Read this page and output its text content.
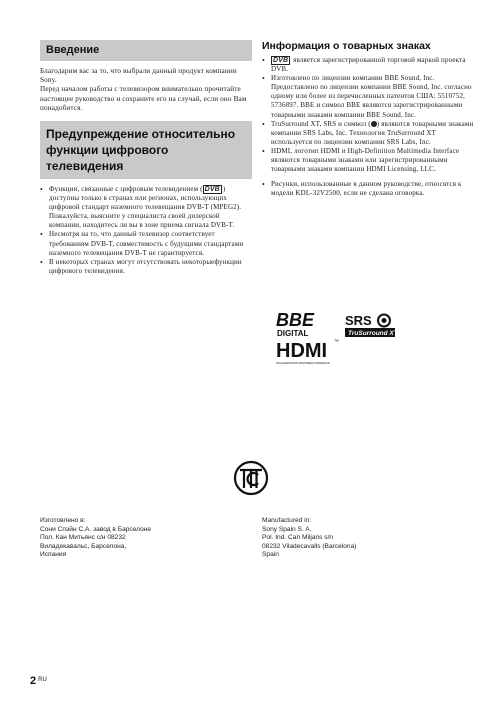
Введение

Благодарим вас за то, что выбрали данный продукт компании Sony.

Перед началом работы с телевизором внимательно прочитайте настоящее руководство и сохраните его на случай, если оно Вам понадобится.

Предупреждение относительно функции цифрового телевидения
• Функции, связанные с цифровым телевидением ( DVB ) доступны только в странах или регионах, использующих цифровой стандарт наземного телевещания DVB-T (MPEG2). Пожалуйста, выясните у специалиста своей дилерской компании, находитесь ли вы в зоне приема сигнала DVB-T.
• Несмотря на то, что данный телевизор соответствует требованиям DVB-T, совместимость с будущими стандартами наземного телевещания DVB-T не гарантируется.
• В некоторых странах могут отсутствовать некоторыефункции цифрового телевидения.
Информация о товарных знаках
• DVB является зарегистрированной торговой маркой проекта DVB.
• Изготовлено по лицензии компании BBE Sound, Inc. Предоставлено по лицензии компании BBE Sound, Inc. согласно одному или более из перечисленных патентов США: 5510752, 5736897. BBE и символ BBE являются зарегистрированными товарными знаками компании BBE Sound, Inc.
• TruSurround XT, SRS и символ ( ) являются товарными знаками компании SRS Labs, Inc. Технология TruSurround XT используется по лицензии компании SRS Labs, Inc.
• HDMI, логотип HDMI и High-Definition Multimedia Interface являются товарными знаками или зарегистрированными товарными знаками компании HDMI Licensing, LLC.
• Рисунки, использованные в данном руководстве, относятся к модели KDL-32V2500, если не сделана оговорка.
BBE
DIGITAL
SRS
TruSurround XT
HDMI ™
HIGH-DEFINITION MULTIMEDIA INTERFACE
Изготовлено в:
Сони Спэйн С.А. завод в Барселоне
Пол. Кан Митьянс c/н 08232
Виладекавальс, Барселона,
Испания
Manufactured in:
Sony Spain S. A.
Pol. Ind. Can Miljans s/n
08232 Viladecavalls (Barcelona)
Spain
2 $^{RU}$
